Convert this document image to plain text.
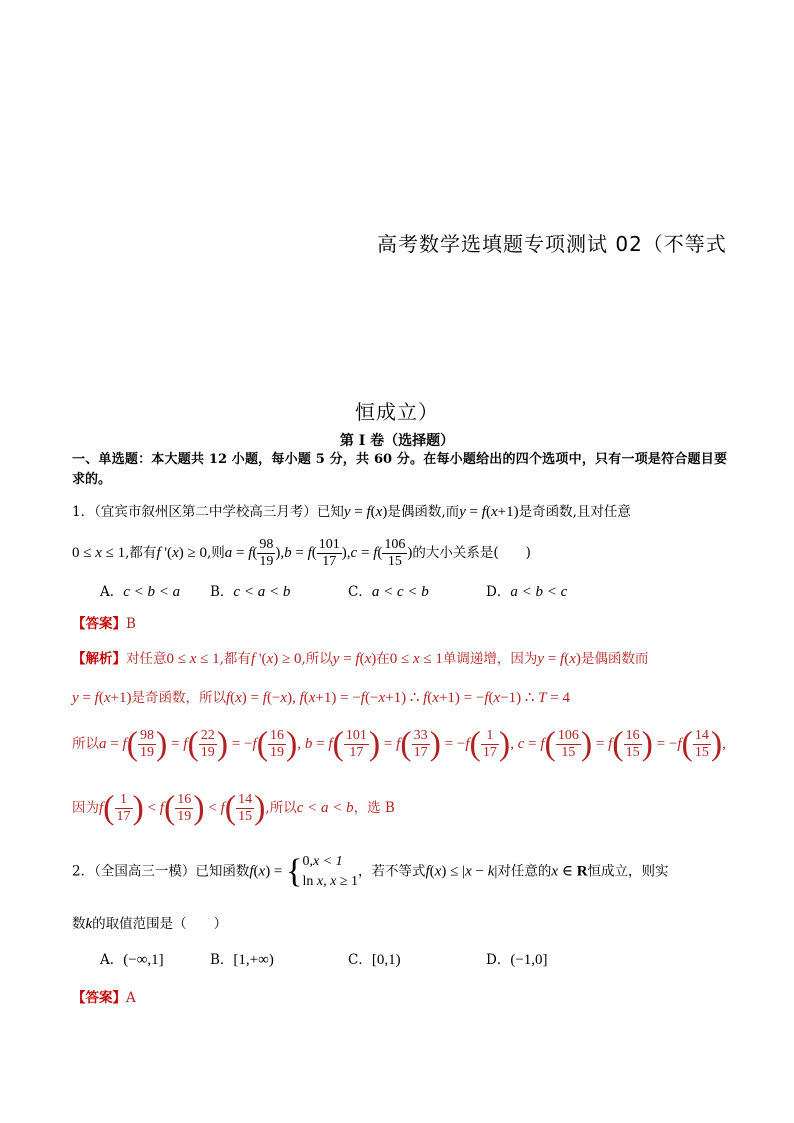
高考数学选填题专项测试 02（不等式
恒成立）
第 I 卷（选择题）
一、单选题：本大题共 12 小题，每小题 5 分，共 60 分。在每小题给出的四个选项中，只有一项是符合题目要求的。
1．（宜宾市叙州区第二中学校高三月考）已知y = f(x)是偶函数,而y = f(x+1)是奇函数,且对任意
0 ≤ x ≤ 1,都有f '(x) ≥ 0,则$a = f( \frac{98}{19} ),b = f( \frac{101}{17} ),c = f( \frac{106}{15}$ )的大小关系是(　　)
A．c < b < a B．c < a < b	C．a < c < b	D．a < b < c
【答案】B
【解析】对任意0 ≤ x ≤ 1,都有f '(x) ≥ 0,所以y = f(x)在0 ≤ x ≤ 1单调递增，因为y = f(x)是偶函数而
y = f(x+1)是奇函数，所以f(x) = f(−x), f(x+1) = −f(−x+1) ∴ f(x+1) = −f(x−1) ∴ T = 4
所以$a = f( \frac{98}{19}$ ) = $f( \frac{22}{19}$ ) = $-f( \frac{16}{19}$ ), $b = f( \frac{101}{17}$ ) = $f( \frac{33}{17}$ ) = $-f( \frac{1}{17}$ ), $c = f( \frac{106}{15}$ ) = $f( \frac{16}{15}$ ) = $-f( \frac{14}{15}$ ),
因为$f( \frac{1}{17}$ ) < $f( \frac{16}{19}$ ) < $f( \frac{14}{15}$ ),所以c < a < b，选 B
2．（全国高三一模）已知函数f(x) = { 0,x < 1
ln x, x ≥ 1
，若不等式f(x) ≤ |x − k|对任意的x ∈ R恒成立，则实
数k的取值范围是（　　）
A．(−∞,1]	B．[1,+∞)	C．[0,1)	D．(−1,0]
【答案】A
